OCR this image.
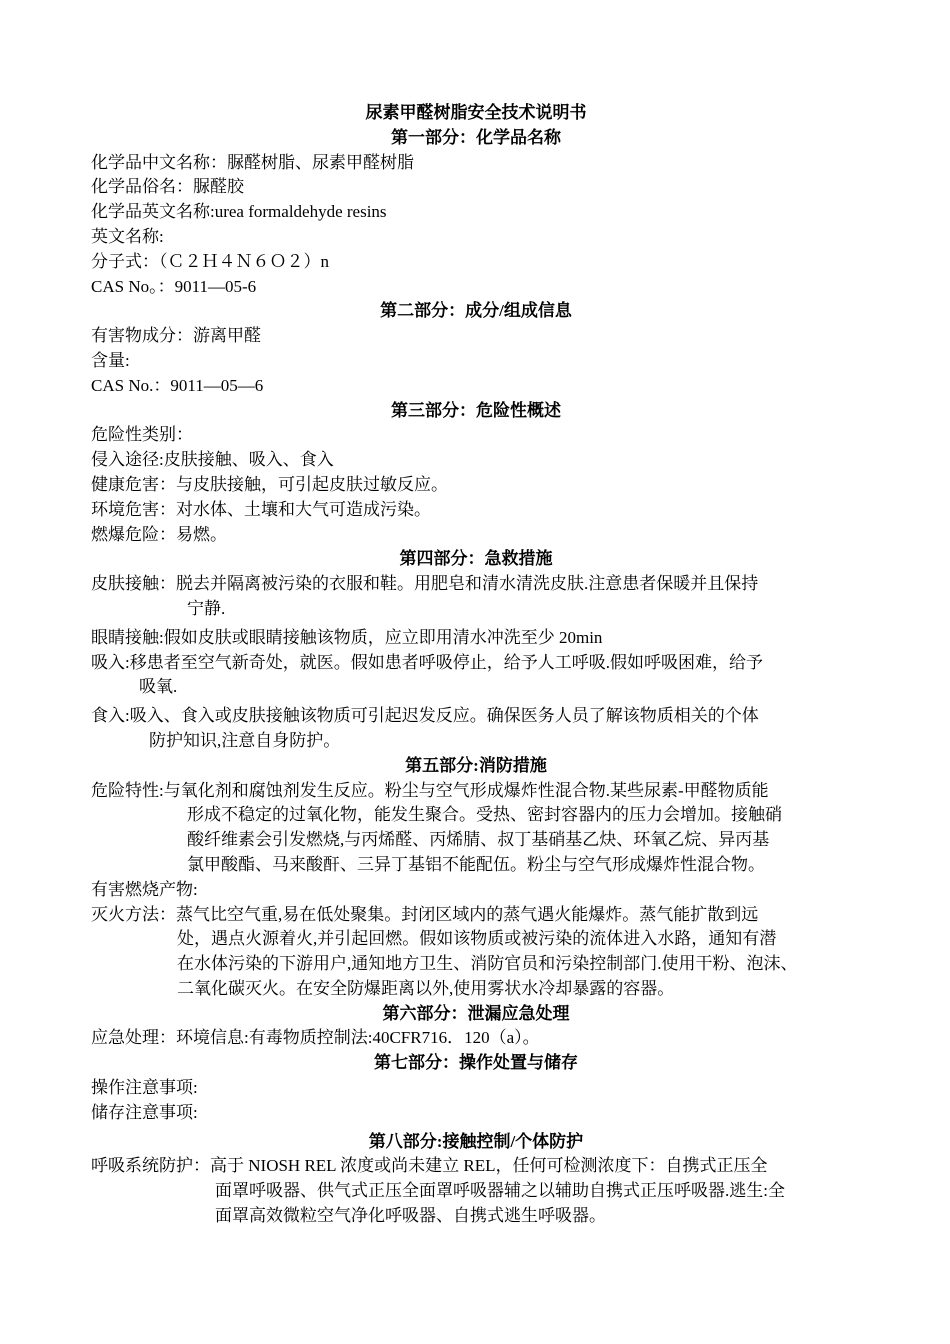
尿素甲醛树脂安全技术说明书
第一部分：化学品名称
化学品中文名称：脲醛树脂、尿素甲醛树脂
化学品俗名：脲醛胶
化学品英文名称:urea formaldehyde resins
英文名称:
分子式：（Ｃ２Ｈ４Ｎ６Ｏ２）n
CAS No。：9011—05-6
第二部分：成分/组成信息
有害物成分：游离甲醛
含量:
CAS No.：9011—05—6
第三部分：危险性概述
危险性类别：
侵入途径:皮肤接触、吸入、食入
健康危害：与皮肤接触，可引起皮肤过敏反应。
环境危害：对水体、土壤和大气可造成污染。
燃爆危险：易燃。
第四部分：急救措施
皮肤接触：脱去并隔离被污染的衣服和鞋。用肥皂和清水清洗皮肤.注意患者保暖并且保持
宁静.
眼睛接触:假如皮肤或眼睛接触该物质，应立即用清水冲洗至少 20min
吸入:移患者至空气新奇处，就医。假如患者呼吸停止，给予人工呼吸.假如呼吸困难，给予
吸氧.
食入:吸入、食入或皮肤接触该物质可引起迟发反应。确保医务人员了解该物质相关的个体
防护知识,注意自身防护。
第五部分:消防措施
危险特性:与氧化剂和腐蚀剂发生反应。粉尘与空气形成爆炸性混合物.某些尿素-甲醛物质能
形成不稳定的过氧化物，能发生聚合。受热、密封容器内的压力会增加。接触硝
酸纤维素会引发燃烧,与丙烯醛、丙烯腈、叔丁基硝基乙炔、环氧乙烷、异丙基
氯甲酸酯、马来酸酐、三异丁基铝不能配伍。粉尘与空气形成爆炸性混合物。
有害燃烧产物:
灭火方法：蒸气比空气重,易在低处聚集。封闭区域内的蒸气遇火能爆炸。蒸气能扩散到远
处，遇点火源着火,并引起回燃。假如该物质或被污染的流体进入水路，通知有潜
在水体污染的下游用户,通知地方卫生、消防官员和污染控制部门.使用干粉、泡沫、
二氧化碳灭火。在安全防爆距离以外,使用雾状水冷却暴露的容器。
第六部分：泄漏应急处理
应急处理：环境信息:有毒物质控制法:40CFR716．120（a）。
第七部分：操作处置与储存
操作注意事项:
储存注意事项:
第八部分:接触控制/个体防护
呼吸系统防护：高于 NIOSH REL 浓度或尚未建立 REL，任何可检测浓度下：自携式正压全
面罩呼吸器、供气式正压全面罩呼吸器辅之以辅助自携式正压呼吸器.逃生:全
面罩高效微粒空气净化呼吸器、自携式逃生呼吸器。
